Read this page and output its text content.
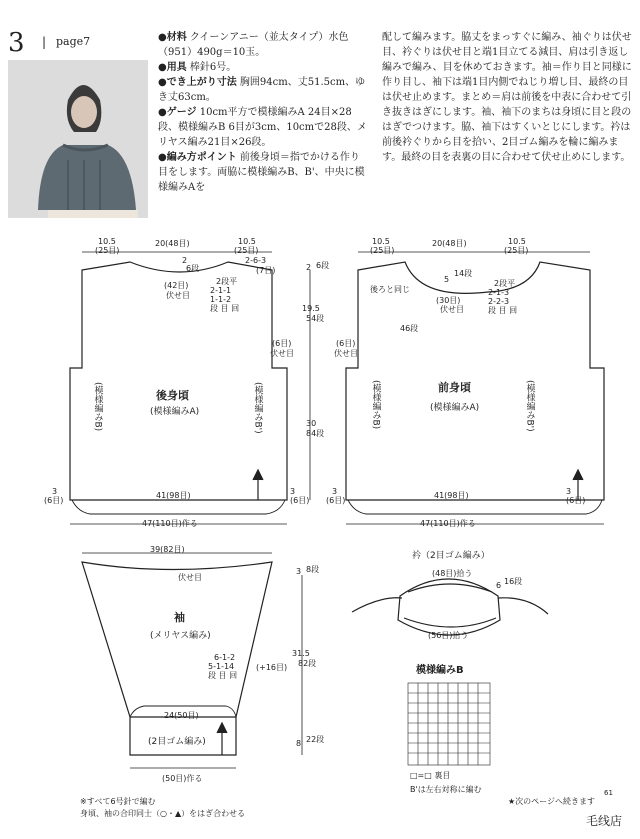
3 | page7	●材料 クイーンアニー（並太タイプ）水色（951）490g＝10玉。
●用具 棒針6号。
●でき上がり寸法 胸囲94cm、丈51.5cm、ゆき丈63cm。
●ゲージ 10cm平方で模様編みA 24目×28段、模様編みB 6目が3cm、10cmで28段、メリヤス編み21目×26段。
●編み方ポイント 前後身頃＝指でかける作り目をします。両脇に模様編みB、B'、中央に模様編みAを
配して編みます。脇丈をまっすぐに編み、袖ぐりは伏せ目、衿ぐりは伏せ目と端1目立てる減目、肩は引き返し編みで編み、目を休めておきます。袖＝作り目と同様に作り目し、袖下は端1目内側でねじり増し目、最終の目は伏せ止めます。まとめ＝肩は前後を中表に合わせて引き抜きはぎにします。袖、袖下のまちは身頃に目と段のはぎでつけます。脇、袖下はすくいとじにします。衿は前後衿ぐりから目を拾い、2目ゴム編みを輪に編みます。最終の目を表裏の目に合わせて伏せ止めにします。
10.5
(25目)
20(48目)	10.5
(25目)
2
6段
2-6-3
(7目)
(42目)
伏せ目
2段平
2-1-1
1-1-2
段 目 回
2 6段
19.5
54段
(6目)
伏せ目
30
84段
後身頃
(模様編みA)
(模様編みB)	(模様編みB')
41(98目)
3
(6目)
3
(6目)
47(110目)作る
10.5
(25目)
20(48目)	10.5
(25目)
後ろと同じ
5
14段
(30目)
伏せ目
2段平
2-1-3
2-2-3
段 目 回
46段
(6目)
伏せ目
前身頃
(模様編みA)
(模様編みB)	(模様編みB')
41(98目)
3
(6目)
3
(6目)
47(110目)作る
39(82目)
伏せ目
3 8段
袖
(メリヤス編み)
6-1-2
5-1-14
段 目 回
(+16目)
31.5
82段
24(50目)
(2目ゴム編み)	8 22段
(50目)作る
衿（2目ゴム編み）
(48目)拾う
(56目)拾う
6 16段
模様編みB
□=□ 裏目
B'は左右対称に編む
※すべて6号針で編む
身頃、袖の合印同士（○・▲）をはぎ合わせる
★次のページへ続きます
61
毛线店
